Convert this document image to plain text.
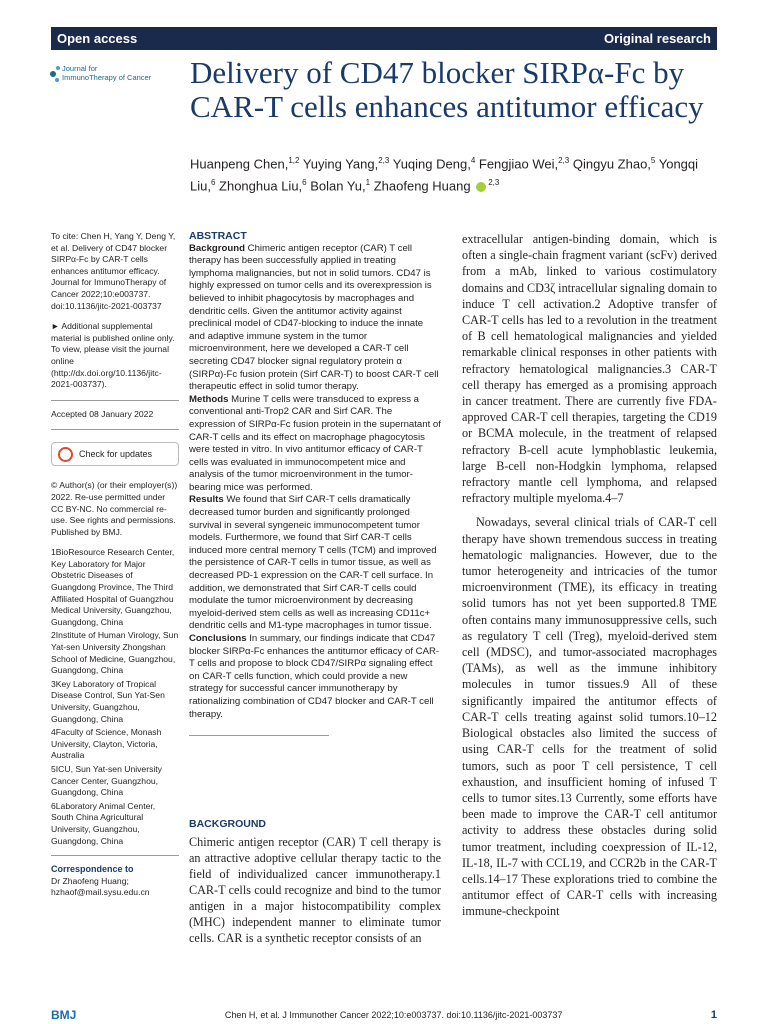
Open access	Original research
Journal for
ImmunoTherapy of Cancer Delivery of CD47 blocker SIRPα-Fc by CAR-T cells enhances antitumor efficacy
Huanpeng Chen,$^{1,2}$ Yuying Yang,$^{2,3}$ Yuqing Deng,$^4$ Fengjiao Wei,$^{2,3}$ Qingyu Zhao,$^5$ Yongqi Liu,$^6$ Zhonghua Liu,$^6$ Bolan Yu,$^1$ Zhaofeng Huang $^{2,3}$

To cite: Chen H, Yang Y, Deng Y, et al. Delivery of CD47 blocker SIRPα-Fc by CAR-T cells enhances antitumor efficacy. Journal for ImmunoTherapy of Cancer 2022;10:e003737. doi:10.1136/jitc-2021-003737

► Additional supplemental material is published online only. To view, please visit the journal online (http://dx.doi.org/10.1136/jitc-2021-003737).

Accepted 08 January 2022

Check for updates

© Author(s) (or their employer(s)) 2022. Re-use permitted under CC BY-NC. No commercial re-use. See rights and permissions. Published by BMJ.

1BioResource Research Center, Key Laboratory for Major Obstetric Diseases of Guangdong Province, The Third Affiliated Hospital of Guangzhou Medical University, Guangzhou, Guangdong, China

2Institute of Human Virology, Sun Yat-sen University Zhongshan School of Medicine, Guangzhou, Guangdong, China

3Key Laboratory of Tropical Disease Control, Sun Yat-Sen University, Guangzhou, Guangdong, China

4Faculty of Science, Monash University, Clayton, Victoria, Australia

5ICU, Sun Yat-sen University Cancer Center, Guangzhou, Guangdong, China

6Laboratory Animal Center, South China Agricultural University, Guangzhou, Guangdong, China

Correspondence to
Dr Zhaofeng Huang;
hzhaof@mail.sysu.edu.cn
ABSTRACT

Background Chimeric antigen receptor (CAR) T cell therapy has been successfully applied in treating lymphoma malignancies, but not in solid tumors. CD47 is highly expressed on tumor cells and its overexpression is believed to inhibit phagocytosis by macrophages and dendritic cells. Given the antitumor activity against preclinical model of CD47-blocking to induce the innate and adaptive immune system in the tumor microenvironment, here we developed a CAR-T cell secreting CD47 blocker signal regulatory protein α (SIRPα)-Fc fusion protein (Sirf CAR-T) to boost CAR-T cell therapeutic effect in solid tumor therapy.

Methods Murine T cells were transduced to express a conventional anti-Trop2 CAR and Sirf CAR. The expression of SIRPα-Fc fusion protein in the supernatant of CAR-T cells and its effect on macrophage phagocytosis were tested in vitro. In vivo antitumor efficacy of CAR-T cells was evaluated in immunocompetent mice and analysis of the tumor microenvironment in the tumor-bearing mice was performed.

Results We found that Sirf CAR-T cells dramatically decreased tumor burden and significantly prolonged survival in several syngeneic immunocompetent tumor models. Furthermore, we found that Sirf CAR-T cells induced more central memory T cells (TCM) and improved the persistence of CAR-T cells in tumor tissue, as well as decreased PD-1 expression on the CAR-T cell surface. In addition, we demonstrated that Sirf CAR-T cells could modulate the tumor microenvironment by decreasing myeloid-derived stem cells as well as increasing CD11c+ dendritic cells and M1-type macrophages in tumor tissue.

Conclusions In summary, our findings indicate that CD47 blocker SIRPα-Fc enhances the antitumor efficacy of CAR-T cells and propose to block CD47/SIRPα signaling effect on CAR-T cells function, which could provide a new strategy for successful cancer immunotherapy by rationalizing combination of CD47 blocker and CAR-T cell therapy.

BACKGROUND

Chimeric antigen receptor (CAR) T cell therapy is an attractive adoptive cellular therapy tactic to the field of individualized cancer immunotherapy.1 CAR-T cells could recognize and bind to the tumor antigen in a major histocompatibility complex (MHC) independent manner to eliminate tumor cells. CAR is a synthetic receptor consists of an

extracellular antigen-binding domain, which is often a single-chain fragment variant (scFv) derived from a mAb, linked to various costimulatory domains and CD3ζ intracellular signaling domain to induce T cell activation.2 Adoptive transfer of CAR-T cells has led to a revolution in the treatment of B cell hematological malignancies and yielded remarkable clinical responses in other patients with refractory hematological malignancies.3 CAR-T cell therapy has emerged as a promising approach in cancer treatment. There are currently five FDA-approved CAR-T cell therapies, targeting the CD19 or BCMA molecule, in the treatment of relapsed refractory B-cell acute lymphoblastic leukemia, large B-cell non-Hodgkin lymphoma, relapsed refractory mantle cell lymphoma, and relapsed refractory multiple myeloma.4–7

Nowadays, several clinical trials of CAR-T cell therapy have shown tremendous success in treating hematologic malignancies. However, due to the tumor heterogeneity and intricacies of the tumor microenvironment (TME), its efficacy in treating solid tumors has not yet been supported.8 TME often contains many immunosuppressive cells, such as regulatory T cell (Treg), myeloid-derived stem cell (MDSC), and tumor-associated macrophages (TAMs), as well as the immune inhibitory molecules in tumor tissues.9 All of these significantly impaired the antitumor effects of CAR-T cells treating against solid tumors.10–12 Biological obstacles also limited the success of using CAR-T cells for the treatment of solid tumors, such as poor T cell persistence, T cell exhaustion, and insufficient homing of infused T cells to tumor sites.13 Currently, some efforts have been made to improve the CAR-T cell antitumor activity to address these obstacles during solid tumor treatment, including coexpression of IL-12, IL-18, IL-7 with CCL19, and CCR2b in the CAR-T cells.14–17 These explorations tried to combine the antitumor effect of CAR-T cells with increasing immune-checkpoint

BMJ	Chen H, et al. J Immunother Cancer 2022;10:e003737. doi:10.1136/jitc-2021-003737	1
